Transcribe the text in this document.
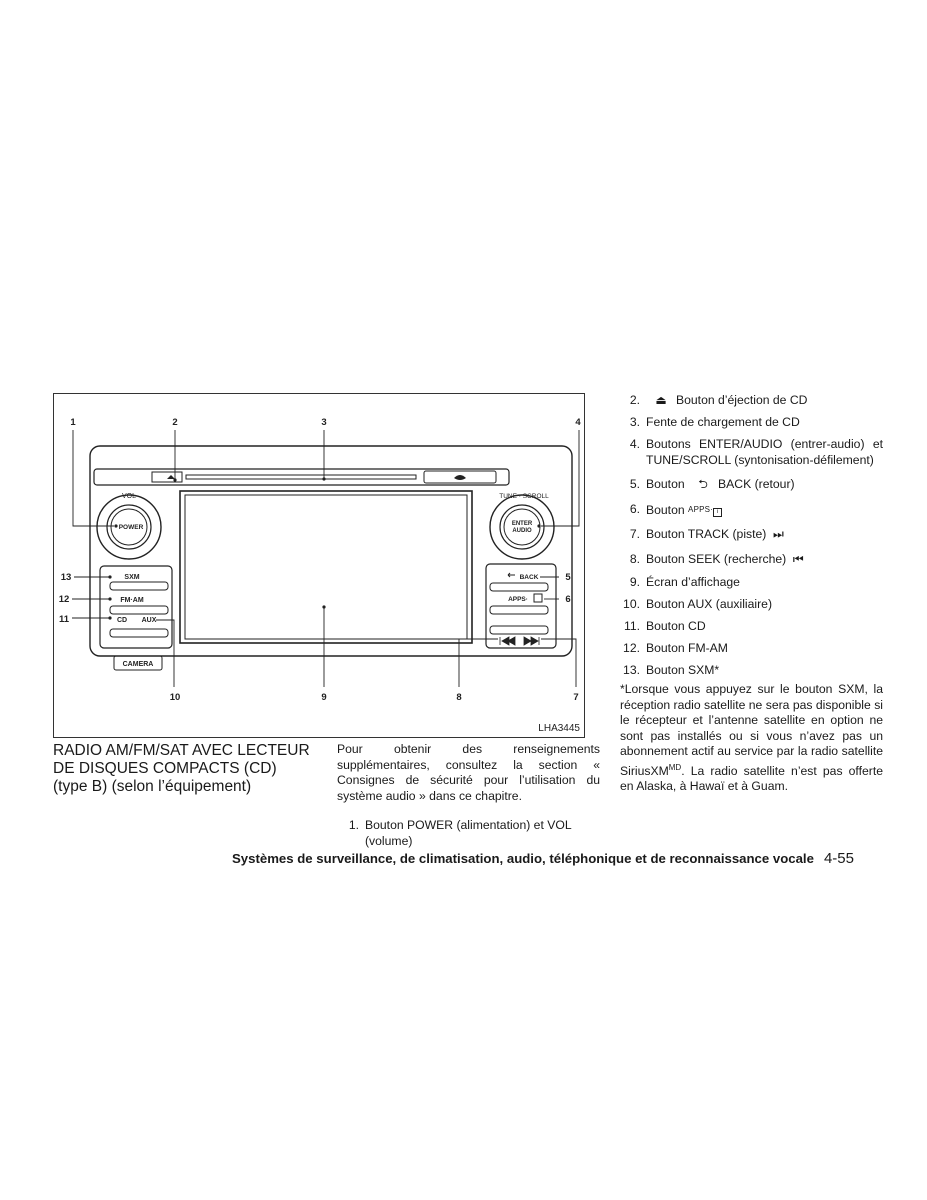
VOL
POWER
TUNE · SCROLL
ENTER
AUDIO
SXM
FM·AM
CD AUX
CAMERA
BACK
APPS·
1	2	3	4
5
6
7
8
9
10
11
12
13
LHA3445
RADIO AM/FM/SAT AVEC LECTEUR
DE DISQUES COMPACTS (CD)
(type B) (selon l’équipement)

Pour obtenir des renseignements supplémentaires, consultez la section « Consignes de sécurité pour l’utilisation du système audio » dans ce chapitre.

1. Bouton POWER (alimentation) et VOL (volume)
2.	⏏ Bouton d’éjection de CD
3. Fente de chargement de CD
4. Boutons ENTER/AUDIO (entrer-audio) et TUNE/SCROLL (syntonisation-défilement)
5. Bouton ⮌ BACK (retour)
6. Bouton APPS· i
7. Bouton TRACK (piste) ⏭
8. Bouton SEEK (recherche) ⏮
9. Écran d’affichage
10. Bouton AUX (auxiliaire)
11. Bouton CD
12. Bouton FM-AM
13. Bouton SXM*
*Lorsque vous appuyez sur le bouton SXM, la réception radio satellite ne sera pas disponible si le récepteur et l’antenne satellite en option ne sont pas installés ou si vous n’avez pas un abonnement actif au service par la radio satellite SiriusXM$^{MD}$. La radio satellite n’est pas offerte en Alaska, à Hawaï et à Guam.
Systèmes de surveillance, de climatisation, audio, téléphonique et de reconnaissance vocale 4-55
